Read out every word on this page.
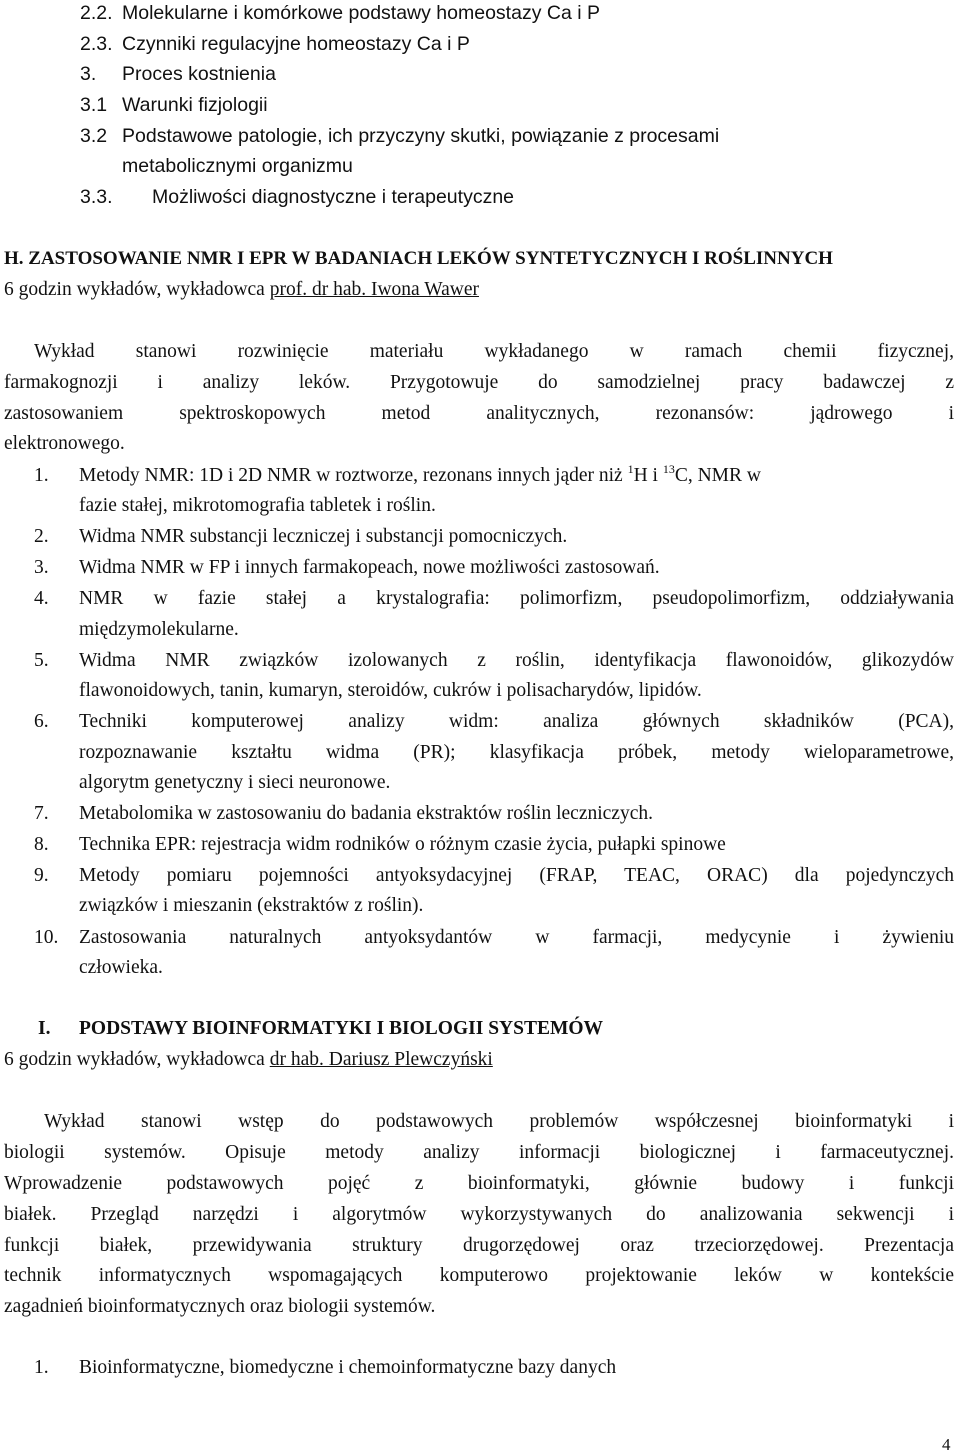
2.2. Molekularne i komórkowe podstawy homeostazy Ca i P
2.3. Czynniki regulacyjne homeostazy Ca i P
3. Proces kostnienia
3.1 Warunki fizjologii
3.2 Podstawowe patologie, ich przyczyny skutki, powiązanie z procesami
metabolicznymi organizmu
3.3. Możliwości diagnostyczne i terapeutyczne
H. ZASTOSOWANIE NMR I EPR W BADANIACH LEKÓW SYNTETYCZNYCH I ROŚLINNYCH
6 godzin wykładów, wykładowca prof. dr hab. Iwona Wawer
Wykład stanowi rozwinięcie materiału wykładanego w ramach chemii fizycznej,
farmakognozji i analizy leków. Przygotowuje do samodzielnej pracy badawczej z
zastosowaniem spektroskopowych metod analitycznych, rezonansów: jądrowego i
elektronowego.
1. Metody NMR: 1D i 2D NMR w roztworze, rezonans innych jąder niż $^1$H i $^{13}$C, NMR w
fazie stałej, mikrotomografia tabletek i roślin.
2. Widma NMR substancji leczniczej i substancji pomocniczych.
3. Widma NMR w FP i innych farmakopeach, nowe możliwości zastosowań.
4. NMR w fazie stałej a krystalografia: polimorfizm, pseudopolimorfizm, oddziaływania
międzymolekularne.
5. Widma NMR związków izolowanych z roślin, identyfikacja flawonoidów, glikozydów
flawonoidowych, tanin, kumaryn, steroidów, cukrów i polisacharydów, lipidów.
6. Techniki komputerowej analizy widm: analiza głównych składników (PCA),
rozpoznawanie kształtu widma (PR); klasyfikacja próbek, metody wieloparametrowe,
algorytm genetyczny i sieci neuronowe.
7. Metabolomika w zastosowaniu do badania ekstraktów roślin leczniczych.
8. Technika EPR: rejestracja widm rodników o różnym czasie życia, pułapki spinowe
9. Metody pomiaru pojemności antyoksydacyjnej (FRAP, TEAC, ORAC) dla pojedynczych
związków i mieszanin (ekstraktów z roślin).
10. Zastosowania naturalnych antyoksydantów w farmacji, medycynie i żywieniu
człowieka.
I. PODSTAWY BIOINFORMATYKI I BIOLOGII SYSTEMÓW
6 godzin wykładów, wykładowca dr hab. Dariusz Plewczyński
Wykład stanowi wstęp do podstawowych problemów współczesnej bioinformatyki i
biologii systemów. Opisuje metody analizy informacji biologicznej i farmaceutycznej.
Wprowadzenie podstawowych pojęć z bioinformatyki, głównie budowy i funkcji
białek. Przegląd narzędzi i algorytmów wykorzystywanych do analizowania sekwencji i
funkcji białek, przewidywania struktury drugorzędowej oraz trzeciorzędowej. Prezentacja
technik informatycznych wspomagających komputerowo projektowanie leków w kontekście
zagadnień bioinformatycznych oraz biologii systemów.
1. Bioinformatyczne, biomedyczne i chemoinformatyczne bazy danych
4
